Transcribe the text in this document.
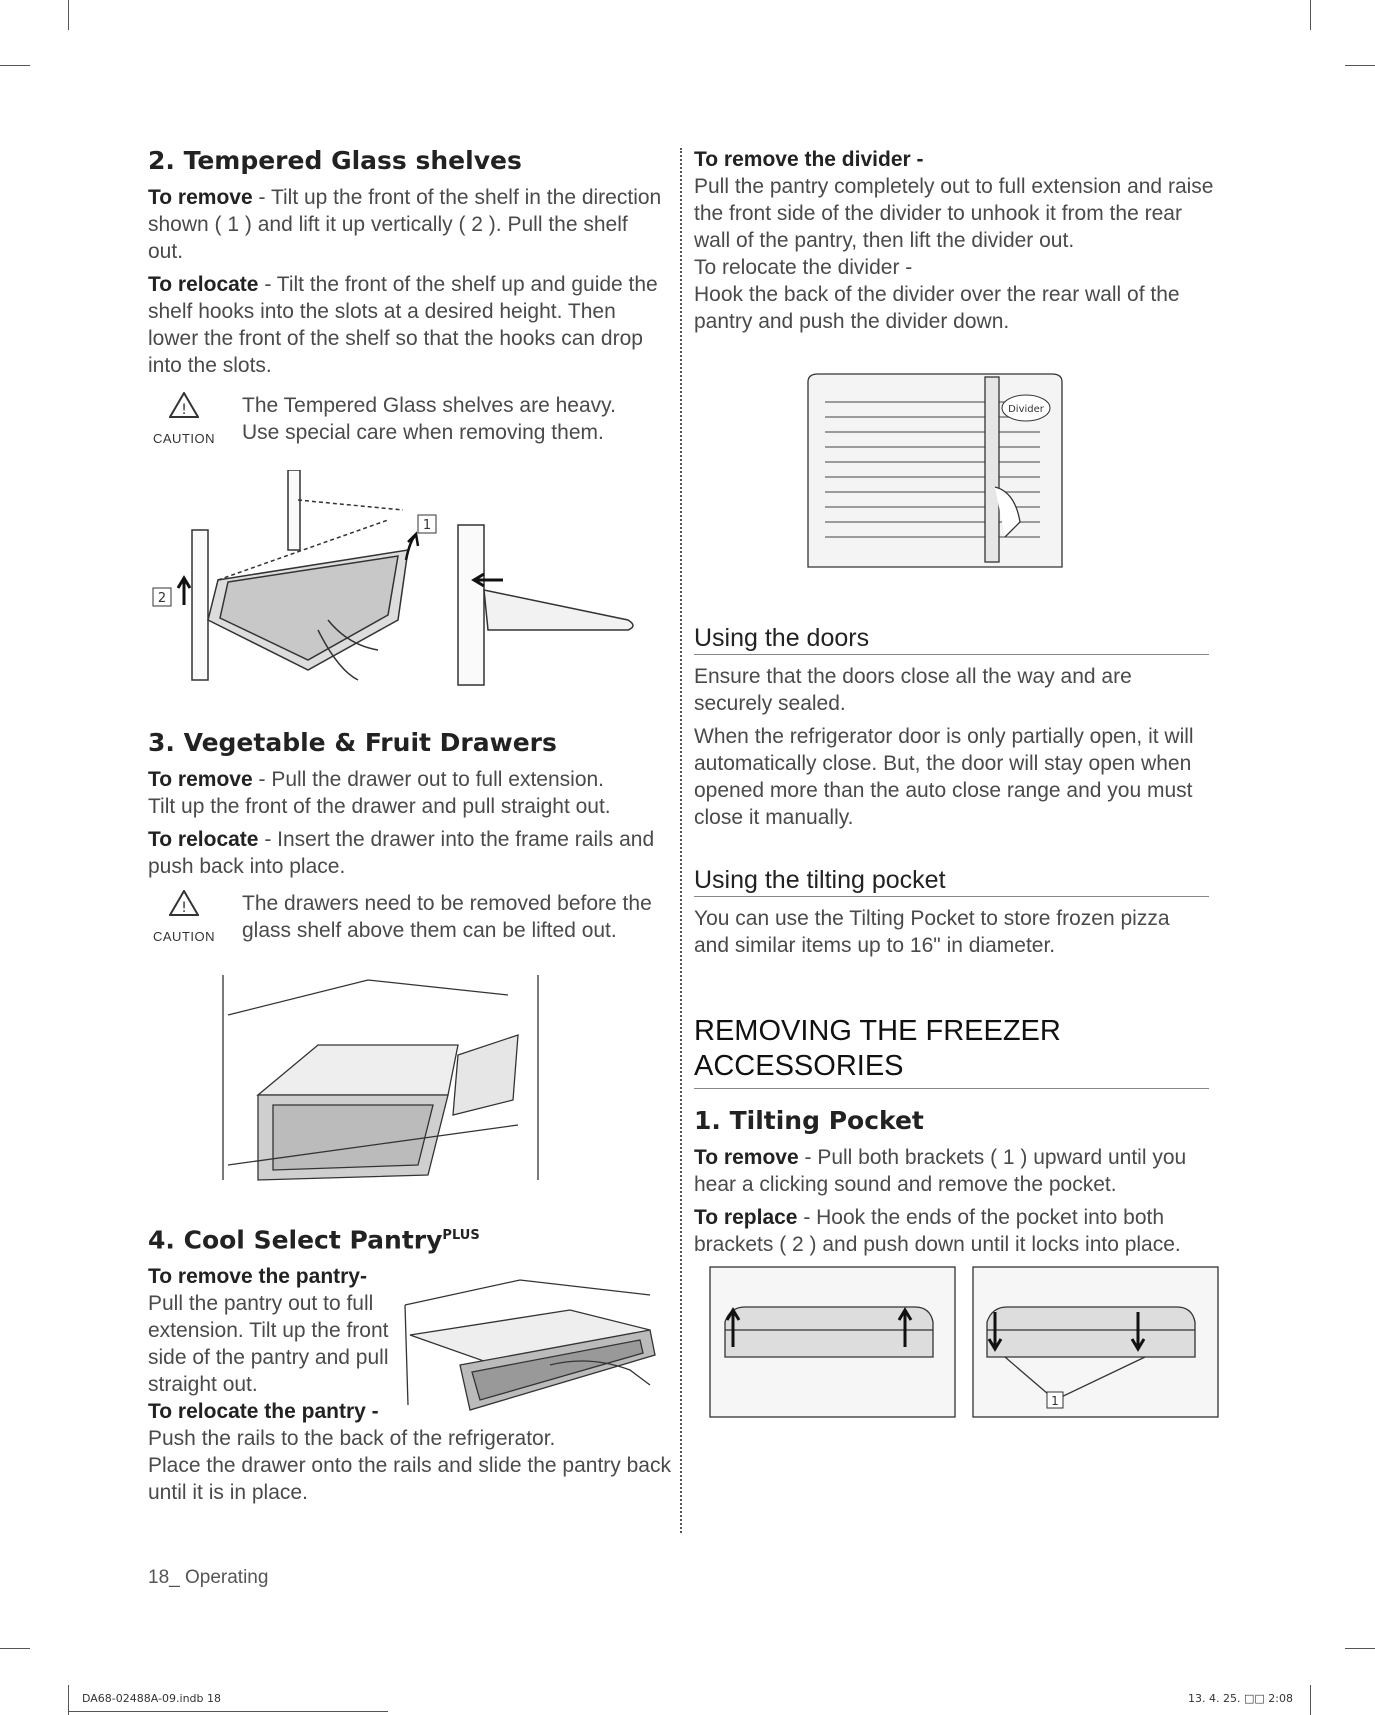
2. Tempered Glass shelves

To remove - Tilt up the front of the shelf in the direction shown ( 1 ) and lift it up vertically ( 2 ). Pull the shelf out.

To relocate - Tilt the front of the shelf up and guide the shelf hooks into the slots at a desired height. Then lower the front of the shelf so that the hooks can drop into the slots.

!
CAUTION
The Tempered Glass shelves are heavy.
Use special care when removing them.
2
1
3. Vegetable & Fruit Drawers

To remove - Pull the drawer out to full extension.

Tilt up the front of the drawer and pull straight out.

To relocate - Insert the drawer into the frame rails and push back into place.

!
CAUTION
The drawers need to be removed before the
glass shelf above them can be lifted out.
4. Cool Select Pantry$^{PLUS}$

To remove the pantry-

Pull the pantry out to full

extension. Tilt up the front

side of the pantry and pull

straight out.

To relocate the pantry -

Push the rails to the back of the refrigerator.

Place the drawer onto the rails and slide the pantry back until it is in place.

To remove the divider -

Pull the pantry completely out to full extension and raise the front side of the divider to unhook it from the rear wall of the pantry, then lift the divider out.

To relocate the divider -

Hook the back of the divider over the rear wall of the pantry and push the divider down.

Divider
Using the doors

Ensure that the doors close all the way and are securely sealed.

When the refrigerator door is only partially open, it will automatically close. But, the door will stay open when opened more than the auto close range and you must close it manually.

Using the tilting pocket

You can use the Tilting Pocket to store frozen pizza and similar items up to 16" in diameter.

REMOVING THE FREEZER
ACCESSORIES
1. Tilting Pocket

To remove - Pull both brackets ( 1 ) upward until you hear a clicking sound and remove the pocket.

To replace - Hook the ends of the pocket into both brackets ( 2 ) and push down until it locks into place.

1
18_ Operating
DA68-02488A-09.indb 18	13. 4. 25. □□ 2:08
